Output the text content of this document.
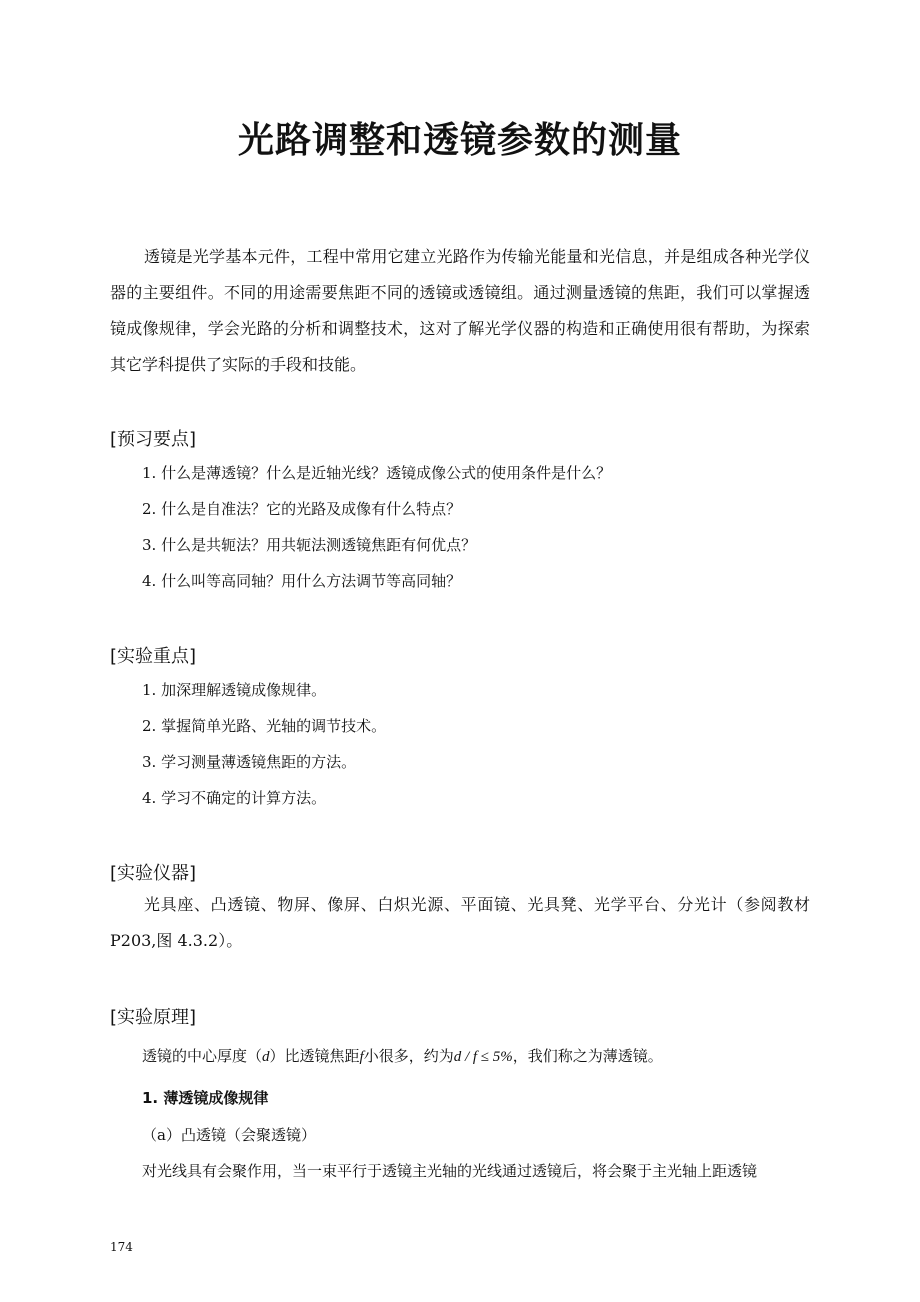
光路调整和透镜参数的测量

透镜是光学基本元件，工程中常用它建立光路作为传输光能量和光信息，并是组成各种光学仪器的主要组件。不同的用途需要焦距不同的透镜或透镜组。通过测量透镜的焦距，我们可以掌握透镜成像规律，学会光路的分析和调整技术，这对了解光学仪器的构造和正确使用很有帮助，为探索其它学科提供了实际的手段和技能。

[预习要点]

1. 什么是薄透镜？什么是近轴光线？透镜成像公式的使用条件是什么？

2. 什么是自准法？它的光路及成像有什么特点？

3. 什么是共轭法？用共轭法测透镜焦距有何优点？

4. 什么叫等高同轴？用什么方法调节等高同轴？

[实验重点]

1. 加深理解透镜成像规律。

2. 掌握简单光路、光轴的调节技术。

3. 学习测量薄透镜焦距的方法。

4. 学习不确定的计算方法。

[实验仪器]

光具座、凸透镜、物屏、像屏、白炽光源、平面镜、光具凳、光学平台、分光计（参阅教材P203,图 4.3.2）。

[实验原理]

透镜的中心厚度（d）比透镜焦距f小很多，约为d / f ≤ 5%，我们称之为薄透镜。

1. 薄透镜成像规律

（a）凸透镜（会聚透镜）

对光线具有会聚作用，当一束平行于透镜主光轴的光线通过透镜后，将会聚于主光轴上距透镜

174
